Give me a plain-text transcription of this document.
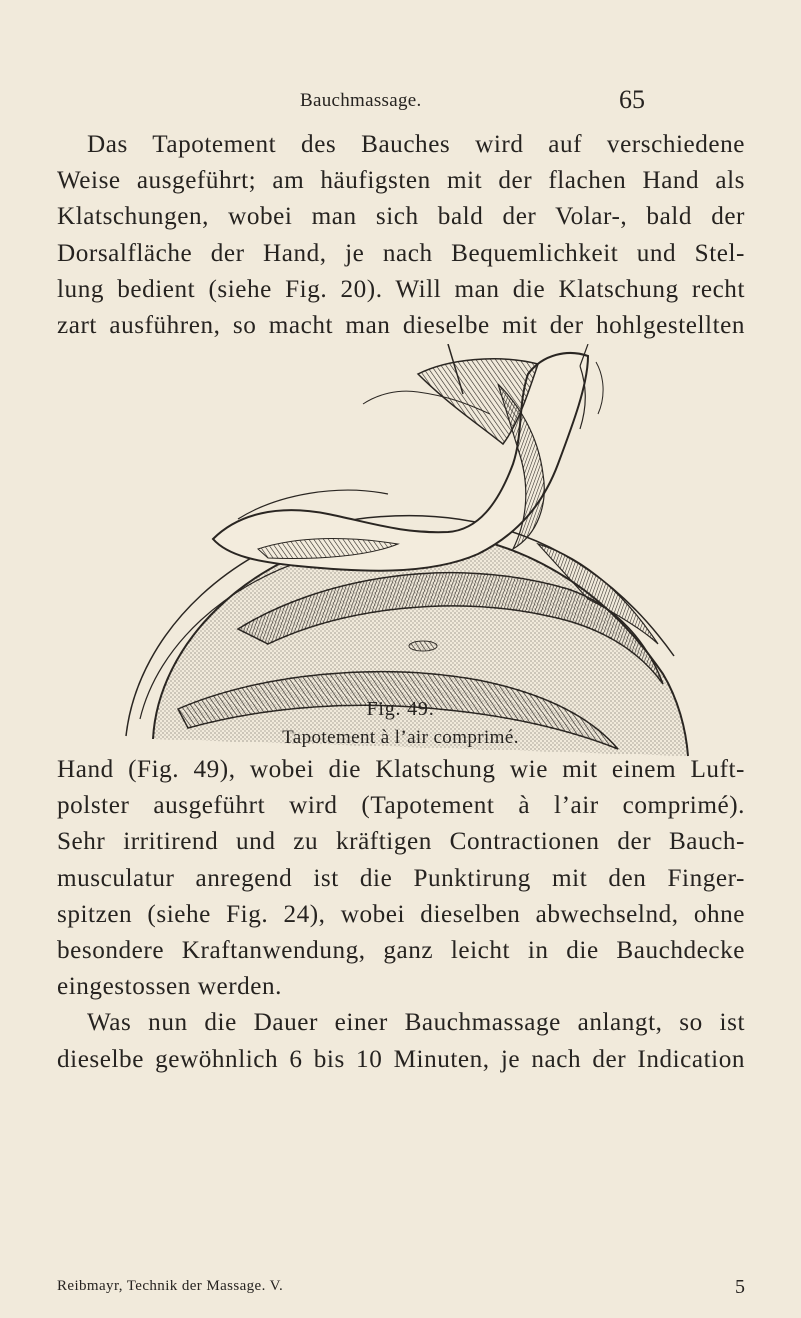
Bauchmassage.	65
Das Tapotement des Bauches wird auf verschiedene
Weise ausgeführt; am häufigsten mit der flachen Hand als
Klatschungen, wobei man sich bald der Volar-, bald der
Dorsalfläche der Hand, je nach Bequemlichkeit und Stel-
lung bedient (siehe Fig. 20). Will man die Klatschung recht
zart ausführen, so macht man dieselbe mit der hohlgestellten
Fig. 49.
Tapotement à l’air comprimé.
Hand (Fig. 49), wobei die Klatschung wie mit einem Luft-
polster ausgeführt wird (Tapotement à l’air comprimé).
Sehr irritirend und zu kräftigen Contractionen der Bauch-
musculatur anregend ist die Punktirung mit den Finger-
spitzen (siehe Fig. 24), wobei dieselben abwechselnd, ohne
besondere Kraftanwendung, ganz leicht in die Bauchdecke
eingestossen werden.
Was nun die Dauer einer Bauchmassage anlangt, so ist
dieselbe gewöhnlich 6 bis 10 Minuten, je nach der Indication
Reibmayr, Technik der Massage. V.	5
